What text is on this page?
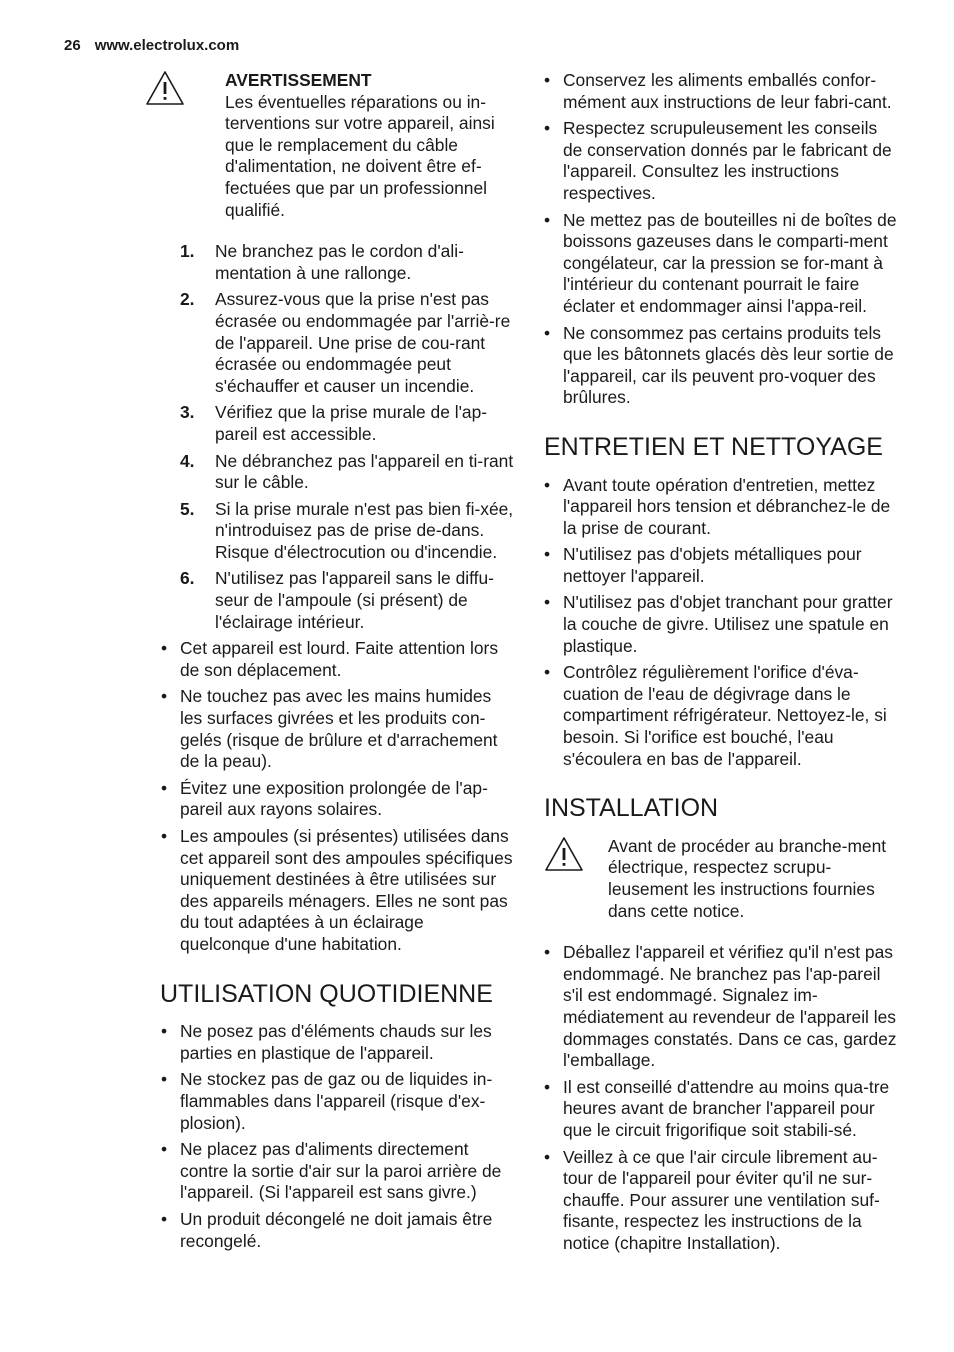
26 www.electrolux.com
AVERTISSEMENT
Les éventuelles réparations ou in-terventions sur votre appareil, ainsi que le remplacement du câble d'alimentation, ne doivent être ef-fectuées que par un professionnel qualifié.
1. Ne branchez pas le cordon d'ali-mentation à une rallonge.
2. Assurez-vous que la prise n'est pas écrasée ou endommagée par l'arriè-re de l'appareil. Une prise de cou-rant écrasée ou endommagée peut s'échauffer et causer un incendie.
3. Vérifiez que la prise murale de l'ap-pareil est accessible.
4. Ne débranchez pas l'appareil en ti-rant sur le câble.
5. Si la prise murale n'est pas bien fi-xée, n'introduisez pas de prise de-dans. Risque d'électrocution ou d'incendie.
6. N'utilisez pas l'appareil sans le diffu-seur de l'ampoule (si présent) de l'éclairage intérieur.
• Cet appareil est lourd. Faite attention lors de son déplacement.
• Ne touchez pas avec les mains humides les surfaces givrées et les produits con-gelés (risque de brûlure et d'arrachement de la peau).
• Évitez une exposition prolongée de l'ap-pareil aux rayons solaires.
• Les ampoules (si présentes) utilisées dans cet appareil sont des ampoules spécifiques uniquement destinées à être utilisées sur des appareils ménagers. Elles ne sont pas du tout adaptées à un éclairage quelconque d'une habitation.
UTILISATION QUOTIDIENNE
• Ne posez pas d'éléments chauds sur les parties en plastique de l'appareil.
• Ne stockez pas de gaz ou de liquides in-flammables dans l'appareil (risque d'ex-plosion).
• Ne placez pas d'aliments directement contre la sortie d'air sur la paroi arrière de l'appareil. (Si l'appareil est sans givre.)
• Un produit décongelé ne doit jamais être recongelé.
• Conservez les aliments emballés confor-mément aux instructions de leur fabri-cant.
• Respectez scrupuleusement les conseils de conservation donnés par le fabricant de l'appareil. Consultez les instructions respectives.
• Ne mettez pas de bouteilles ni de boîtes de boissons gazeuses dans le comparti-ment congélateur, car la pression se for-mant à l'intérieur du contenant pourrait le faire éclater et endommager ainsi l'appa-reil.
• Ne consommez pas certains produits tels que les bâtonnets glacés dès leur sortie de l'appareil, car ils peuvent pro-voquer des brûlures.
ENTRETIEN ET NETTOYAGE
• Avant toute opération d'entretien, mettez l'appareil hors tension et débranchez-le de la prise de courant.
• N'utilisez pas d'objets métalliques pour nettoyer l'appareil.
• N'utilisez pas d'objet tranchant pour gratter la couche de givre. Utilisez une spatule en plastique.
• Contrôlez régulièrement l'orifice d'éva-cuation de l'eau de dégivrage dans le compartiment réfrigérateur. Nettoyez-le, si besoin. Si l'orifice est bouché, l'eau s'écoulera en bas de l'appareil.
INSTALLATION
Avant de procéder au branche-ment électrique, respectez scrupu-leusement les instructions fournies dans cette notice.
• Déballez l'appareil et vérifiez qu'il n'est pas endommagé. Ne branchez pas l'ap-pareil s'il est endommagé. Signalez im-médiatement au revendeur de l'appareil les dommages constatés. Dans ce cas, gardez l'emballage.
• Il est conseillé d'attendre au moins qua-tre heures avant de brancher l'appareil pour que le circuit frigorifique soit stabili-sé.
• Veillez à ce que l'air circule librement au-tour de l'appareil pour éviter qu'il ne sur-chauffe. Pour assurer une ventilation suf-fisante, respectez les instructions de la notice (chapitre Installation).
